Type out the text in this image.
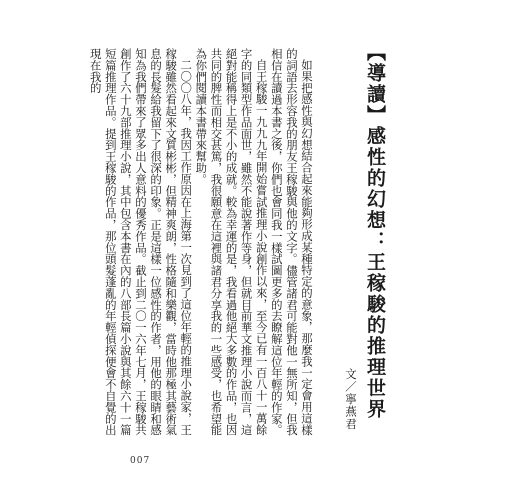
【導讀】感性的幻想：王稼駿的推理世界
文／寧燕君

如果把感性與幻想結合起來能夠形成某種特定的意象，那麼我一定會用這樣的詞語去形容我的朋友王稼駿與他的文字。儘管諸君可能對他一無所知，但我相信在讀過本書之後，你們也會同我一樣試圖更多的去瞭解這位年輕的作家。

自王稼駿一九九九年開始嘗試推理小說創作以來，至今已有一百八十一萬餘字的同類型作品面世，雖然不能說著作等身，但就目前華文推理小說而言，這絕對能稱得上是不小的成就。較為幸運的是，我看過他絕大多數的作品，也因共同的脾性而相交甚篤，我很願意在這裡與諸君分享我的一些感受，也希望能為你們閱讀本書帶來幫助。

二〇〇八年，我因工作原因在上海第一次見到了這位年輕的推理小說家，王稼駿雖然看起來文質彬彬，但精神爽朗，性格隨和樂觀，當時他那極其藝術氣息的長髮給我留下了很深的印象。正是這樣一位感性的作者，用他的眼睛和感知為我們帶來了眾多出人意料的優秀作品。截止到二〇一六年七月，王稼駿共創作了六十九部推理小說，其中包含本書在內的八部長篇小說與其餘六十一篇短篇推理作品。提到王稼駿的作品，那位頭髮蓬亂的年輕偵探便會不自覺的出現在我的

007
